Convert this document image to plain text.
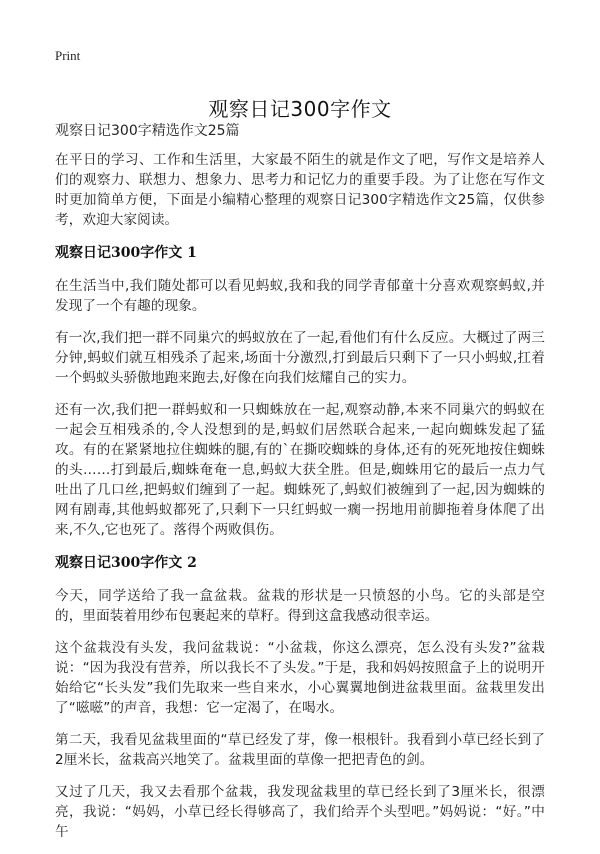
Print
观察日记300字作文
观察日记300字精选作文25篇

在平日的学习、工作和生活里，大家最不陌生的就是作文了吧，写作文是培养人们的观察力、联想力、想象力、思考力和记忆力的重要手段。为了让您在写作文时更加简单方便，下面是小编精心整理的观察日记300字精选作文25篇，仅供参考，欢迎大家阅读。

观察日记300字作文 1

在生活当中,我们随处都可以看见蚂蚁,我和我的同学青郁童十分喜欢观察蚂蚁,并发现了一个有趣的现象。

有一次,我们把一群不同巢穴的蚂蚁放在了一起,看他们有什么反应。大概过了两三分钟,蚂蚁们就互相残杀了起来,场面十分激烈,打到最后只剩下了一只小蚂蚁,扛着一个蚂蚁头骄傲地跑来跑去,好像在向我们炫耀自己的实力。

还有一次,我们把一群蚂蚁和一只蜘蛛放在一起,观察动静,本来不同巢穴的蚂蚁在一起会互相残杀的,令人没想到的是,蚂蚁们居然联合起来,一起向蜘蛛发起了猛攻。有的在紧紧地拉住蜘蛛的腿,有的`在撕咬蜘蛛的身体,还有的死死地按住蜘蛛的头……打到最后,蜘蛛奄奄一息,蚂蚁大获全胜。但是,蜘蛛用它的最后一点力气吐出了几口丝,把蚂蚁们缠到了一起。蜘蛛死了,蚂蚁们被缠到了一起,因为蜘蛛的网有剧毒,其他蚂蚁都死了,只剩下一只红蚂蚁一瘸一拐地用前脚拖着身体爬了出来,不久,它也死了。落得个两败俱伤。

观察日记300字作文 2

今天，同学送给了我一盒盆栽。盆栽的形状是一只愤怒的小鸟。它的头部是空的，里面装着用纱布包裹起来的草籽。得到这盒我感动很幸运。

这个盆栽没有头发，我问盆栽说：“小盆栽，你这么漂亮，怎么没有头发?”盆栽说：“因为我没有营养，所以我长不了头发。”于是，我和妈妈按照盒子上的说明开始给它“长头发”我们先取来一些自来水，小心翼翼地倒进盆栽里面。盆栽里发出了“嗞嗞”的声音，我想：它一定渴了，在喝水。

第二天，我看见盆栽里面的“草已经发了芽，像一根根针。我看到小草已经长到了2厘米长，盆栽高兴地笑了。盆栽里面的草像一把把青色的剑。

又过了几天，我又去看那个盆栽，我发现盆栽里的草已经长到了3厘米长，很漂亮，我说：“妈妈，小草已经长得够高了，我们给弄个头型吧。”妈妈说：“好。”中午
